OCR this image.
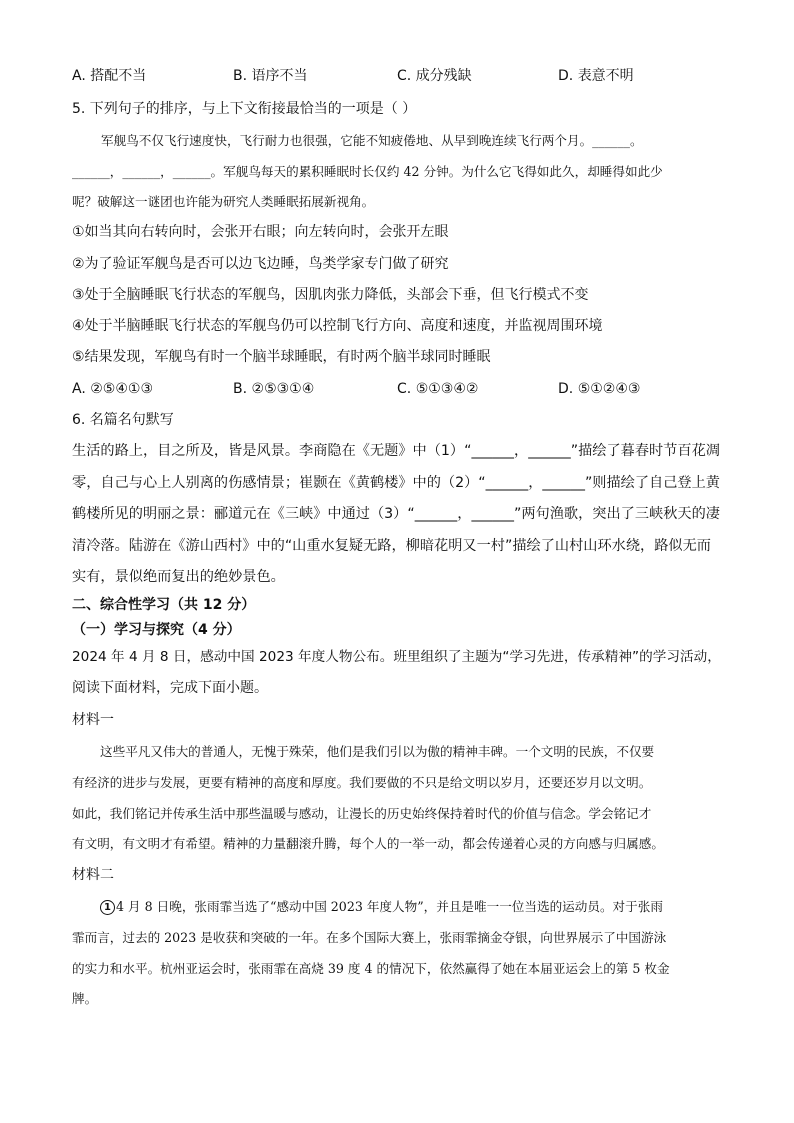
A. 搭配不当	B. 语序不当	C. 成分残缺	D. 表意不明
5. 下列句子的排序，与上下文衔接最恰当的一项是（ ）
军舰鸟不仅飞行速度快，飞行耐力也很强，它能不知疲倦地、从早到晚连续飞行两个月。______。
______，______，______。军舰鸟每天的累积睡眠时长仅约 42 分钟。为什么它飞得如此久，却睡得如此少
呢？破解这一谜团也许能为研究人类睡眠拓展新视角。
①如当其向右转向时，会张开右眼；向左转向时，会张开左眼
②为了验证军舰鸟是否可以边飞边睡，鸟类学家专门做了研究
③处于全脑睡眠飞行状态的军舰鸟，因肌肉张力降低，头部会下垂，但飞行模式不变
④处于半脑睡眠飞行状态的军舰鸟仍可以控制飞行方向、高度和速度，并监视周围环境
⑤结果发现，军舰鸟有时一个脑半球睡眠，有时两个脑半球同时睡眠
A. ②⑤④①③	B. ②⑤③①④	C. ⑤①③④②	D. ⑤①②④③
6. 名篇名句默写
生活的路上，目之所及，皆是风景。李商隐在《无题》中（1）“______，______”描绘了暮春时节百花凋
零，自己与心上人别离的伤感情景；崔颢在《黄鹤楼》中的（2）“______，______”则描绘了自己登上黄
鹤楼所见的明丽之景：郦道元在《三峡》中通过（3）“______，______”两句渔歌，突出了三峡秋天的凄
清冷落。陆游在《游山西村》中的“山重水复疑无路，柳暗花明又一村”描绘了山村山环水绕，路似无而
实有，景似绝而复出的绝妙景色。
二、综合性学习（共 12 分）
（一）学习与探究（4 分）
2024 年 4 月 8 日，感动中国 2023 年度人物公布。班里组织了主题为“学习先进，传承精神”的学习活动，
阅读下面材料，完成下面小题。
材料一
这些平凡又伟大的普通人，无愧于殊荣，他们是我们引以为傲的精神丰碑。一个文明的民族，不仅要
有经济的进步与发展，更要有精神的高度和厚度。我们要做的不只是给文明以岁月，还要还岁月以文明。
如此，我们铭记并传承生活中那些温暖与感动，让漫长的历史始终保持着时代的价值与信念。学会铭记才
有文明，有文明才有希望。精神的力量翻滚升腾，每个人的一举一动，都会传递着心灵的方向感与归属感。
材料二
1 4 月 8 日晚，张雨霏当选了“感动中国 2023 年度人物”，并且是唯一一位当选的运动员。对于张雨
霏而言，过去的 2023 是收获和突破的一年。在多个国际大赛上，张雨霏摘金夺银，向世界展示了中国游泳
的实力和水平。杭州亚运会时，张雨霏在高烧 39 度 4 的情况下，依然赢得了她在本届亚运会上的第 5 枚金
牌。
